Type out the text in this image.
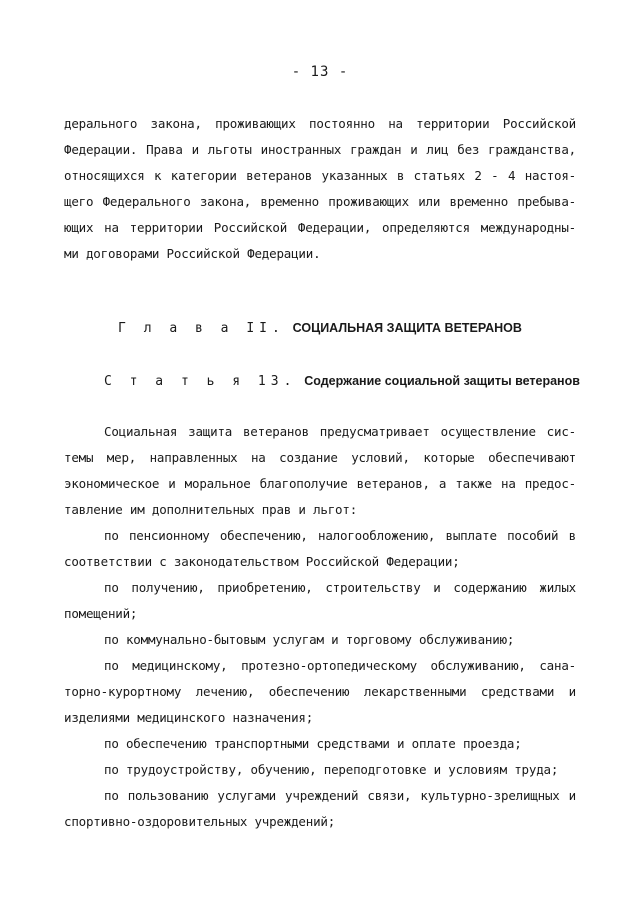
- 13 -
дерального закона, проживающих постоянно на территории Российской
Федерации. Права и льготы иностранных граждан и лиц без гражданства,
относящихся к категории ветеранов указанных в статьях 2 - 4 настоя-
щего Федерального закона, временно проживающих или временно пребыва-
ющих на территории Российской Федерации, определяются международны-
ми договорами Российской Федерации.
Г л а в а II. СОЦИАЛЬНАЯ ЗАЩИТА ВЕТЕРАНОВ
С т а т ь я 13. Содержание социальной защиты ветеранов
Социальная защита ветеранов предусматривает осуществление сис-
темы мер, направленных на создание условий, которые обеспечивают
экономическое и моральное благополучие ветеранов, а также на предос-
тавление им дополнительных прав и льгот:
по пенсионному обеспечению, налогообложению, выплате пособий в
соответствии с законодательством Российской Федерации;
по получению, приобретению, строительству и содержанию жилых
помещений;
по коммунально-бытовым услугам и торговому обслуживанию;
по медицинскому, протезно-ортопедическому обслуживанию, сана-
торно-курортному лечению, обеспечению лекарственными средствами и
изделиями медицинского назначения;
по обеспечению транспортными средствами и оплате проезда;
по трудоустройству, обучению, переподготовке и условиям труда;
по пользованию услугами учреждений связи, культурно-зрелищных и
спортивно-оздоровительных учреждений;
